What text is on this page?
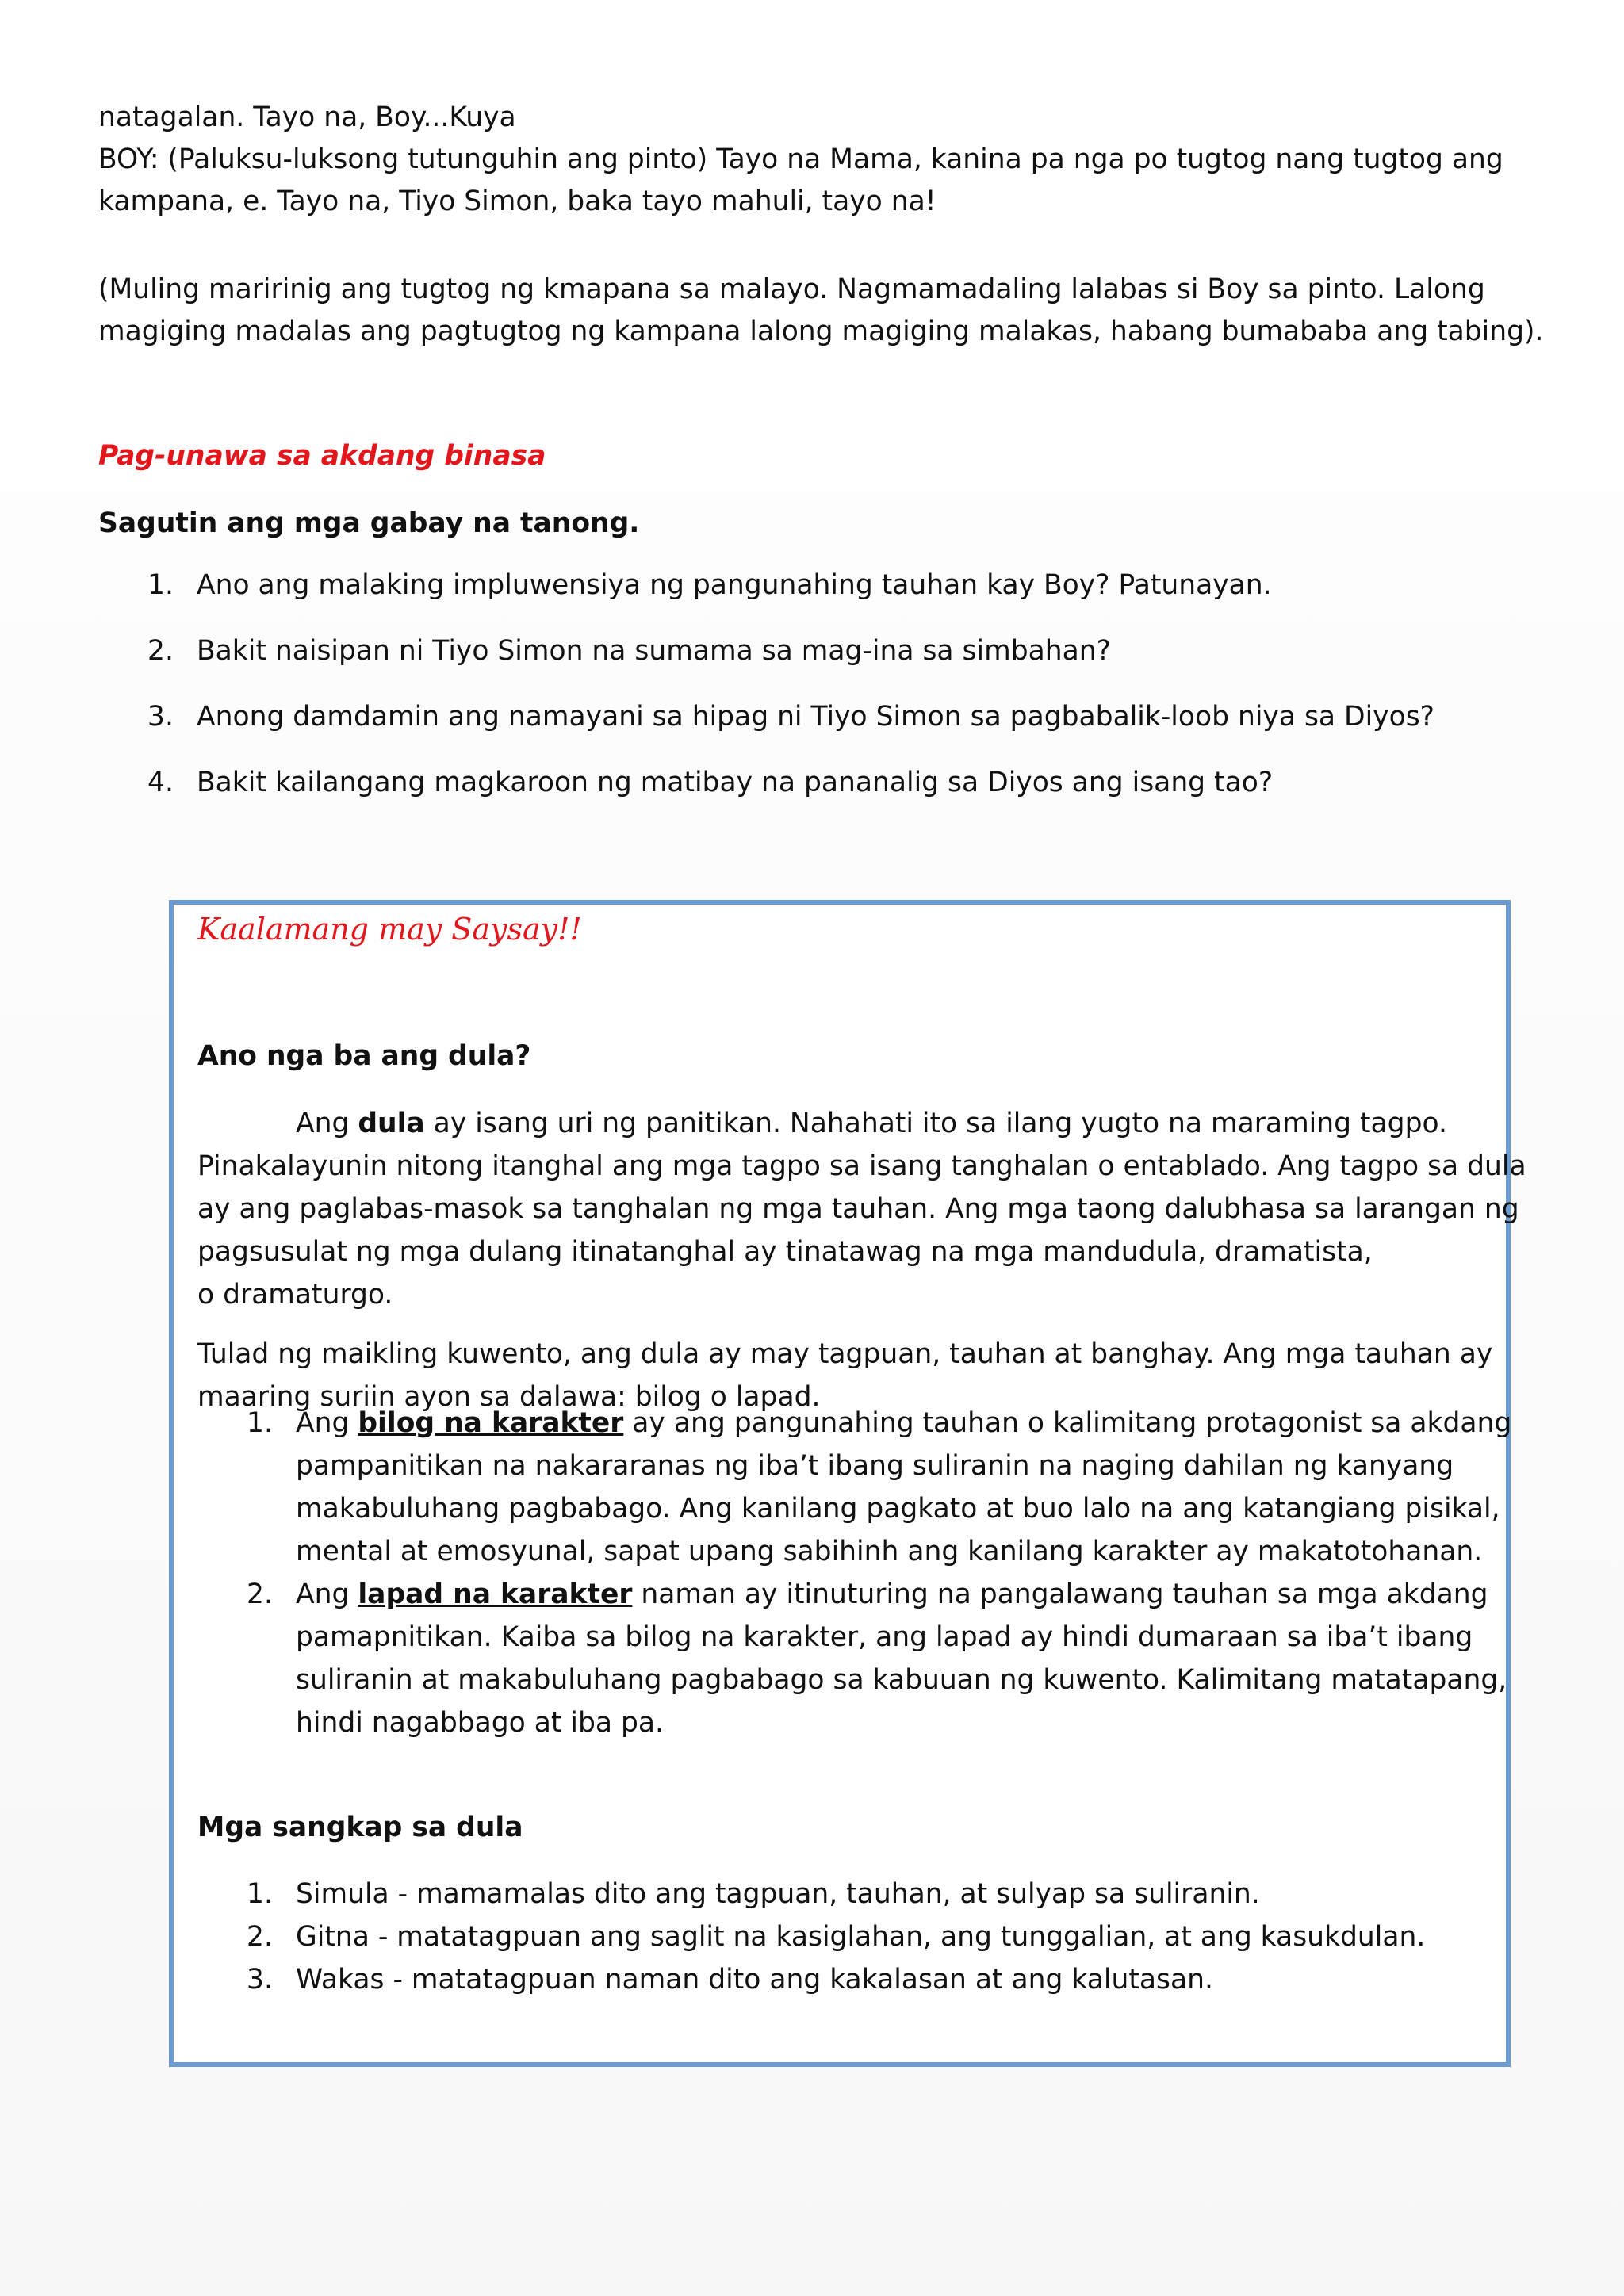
natagalan. Tayo na, Boy...Kuya
BOY: (Paluksu-luksong tutunguhin ang pinto) Tayo na Mama, kanina pa nga po tugtog nang tugtog ang
kampana, e. Tayo na, Tiyo Simon, baka tayo mahuli, tayo na!
(Muling maririnig ang tugtog ng kmapana sa malayo. Nagmamadaling lalabas si Boy sa pinto. Lalong
magiging madalas ang pagtugtog ng kampana lalong magiging malakas, habang bumababa ang tabing).
Pag-unawa sa akdang binasa
Sagutin ang mga gabay na tanong.
1. Ano ang malaking impluwensiya ng pangunahing tauhan kay Boy? Patunayan.
2. Bakit naisipan ni Tiyo Simon na sumama sa mag-ina sa simbahan?
3. Anong damdamin ang namayani sa hipag ni Tiyo Simon sa pagbabalik-loob niya sa Diyos?
4. Bakit kailangang magkaroon ng matibay na pananalig sa Diyos ang isang tao?
Kaalamang may Saysay!!
Ano nga ba ang dula?
Ang dula ay isang uri ng panitikan. Nahahati ito sa ilang yugto na maraming tagpo.
Pinakalayunin nitong itanghal ang mga tagpo sa isang tanghalan o entablado. Ang tagpo sa dula
ay ang paglabas-masok sa tanghalan ng mga tauhan. Ang mga taong dalubhasa sa larangan ng
pagsusulat ng mga dulang itinatanghal ay tinatawag na mga mandudula, dramatista,
o dramaturgo.
Tulad ng maikling kuwento, ang dula ay may tagpuan, tauhan at banghay. Ang mga tauhan ay
maaring suriin ayon sa dalawa: bilog o lapad.
1. Ang bilog na karakter ay ang pangunahing tauhan o kalimitang protagonist sa akdang
pampanitikan na nakararanas ng iba’t ibang suliranin na naging dahilan ng kanyang
makabuluhang pagbabago. Ang kanilang pagkato at buo lalo na ang katangiang pisikal,
mental at emosyunal, sapat upang sabihinh ang kanilang karakter ay makatotohanan.
2. Ang lapad na karakter naman ay itinuturing na pangalawang tauhan sa mga akdang
pamapnitikan. Kaiba sa bilog na karakter, ang lapad ay hindi dumaraan sa iba’t ibang
suliranin at makabuluhang pagbabago sa kabuuan ng kuwento. Kalimitang matatapang,
hindi nagabbago at iba pa.
Mga sangkap sa dula
1. Simula - mamamalas dito ang tagpuan, tauhan, at sulyap sa suliranin.
2. Gitna - matatagpuan ang saglit na kasiglahan, ang tunggalian, at ang kasukdulan.
3. Wakas - matatagpuan naman dito ang kakalasan at ang kalutasan.
